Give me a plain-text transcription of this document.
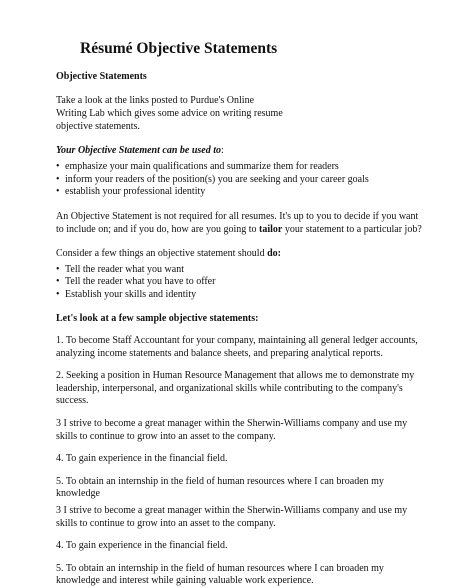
Résumé Objective Statements

Objective Statements

Take a look at the links posted to Purdue's Online Writing Lab which gives some advice on writing resume objective statements.

Your Objective Statement can be used to:

• emphasize your main qualifications and summarize them for readers
• inform your readers of the position(s) you are seeking and your career goals
• establish your professional identity

An Objective Statement is not required for all resumes. It's up to you to decide if you want to include on; and if you do, how are you going to tailor your statement to a particular job?

Consider a few things an objective statement should do:

• Tell the reader what you want
• Tell the reader what you have to offer
• Establish your skills and identity

Let's look at a few sample objective statements:

1. To become Staff Accountant for your company, maintaining all general ledger accounts, analyzing income statements and balance sheets, and preparing analytical reports.

2. Seeking a position in Human Resource Management that allows me to demonstrate my leadership, interpersonal, and organizational skills while contributing to the company's success.

3 I strive to become a great manager within the Sherwin-Williams company and use my skills to continue to grow into an asset to the company.

4. To gain experience in the financial field.

5. To obtain an internship in the field of human resources where I can broaden my knowledge

3 I strive to become a great manager within the Sherwin-Williams company and use my skills to continue to grow into an asset to the company.

4. To gain experience in the financial field.

5. To obtain an internship in the field of human resources where I can broaden my knowledge and interest while gaining valuable work experience.
